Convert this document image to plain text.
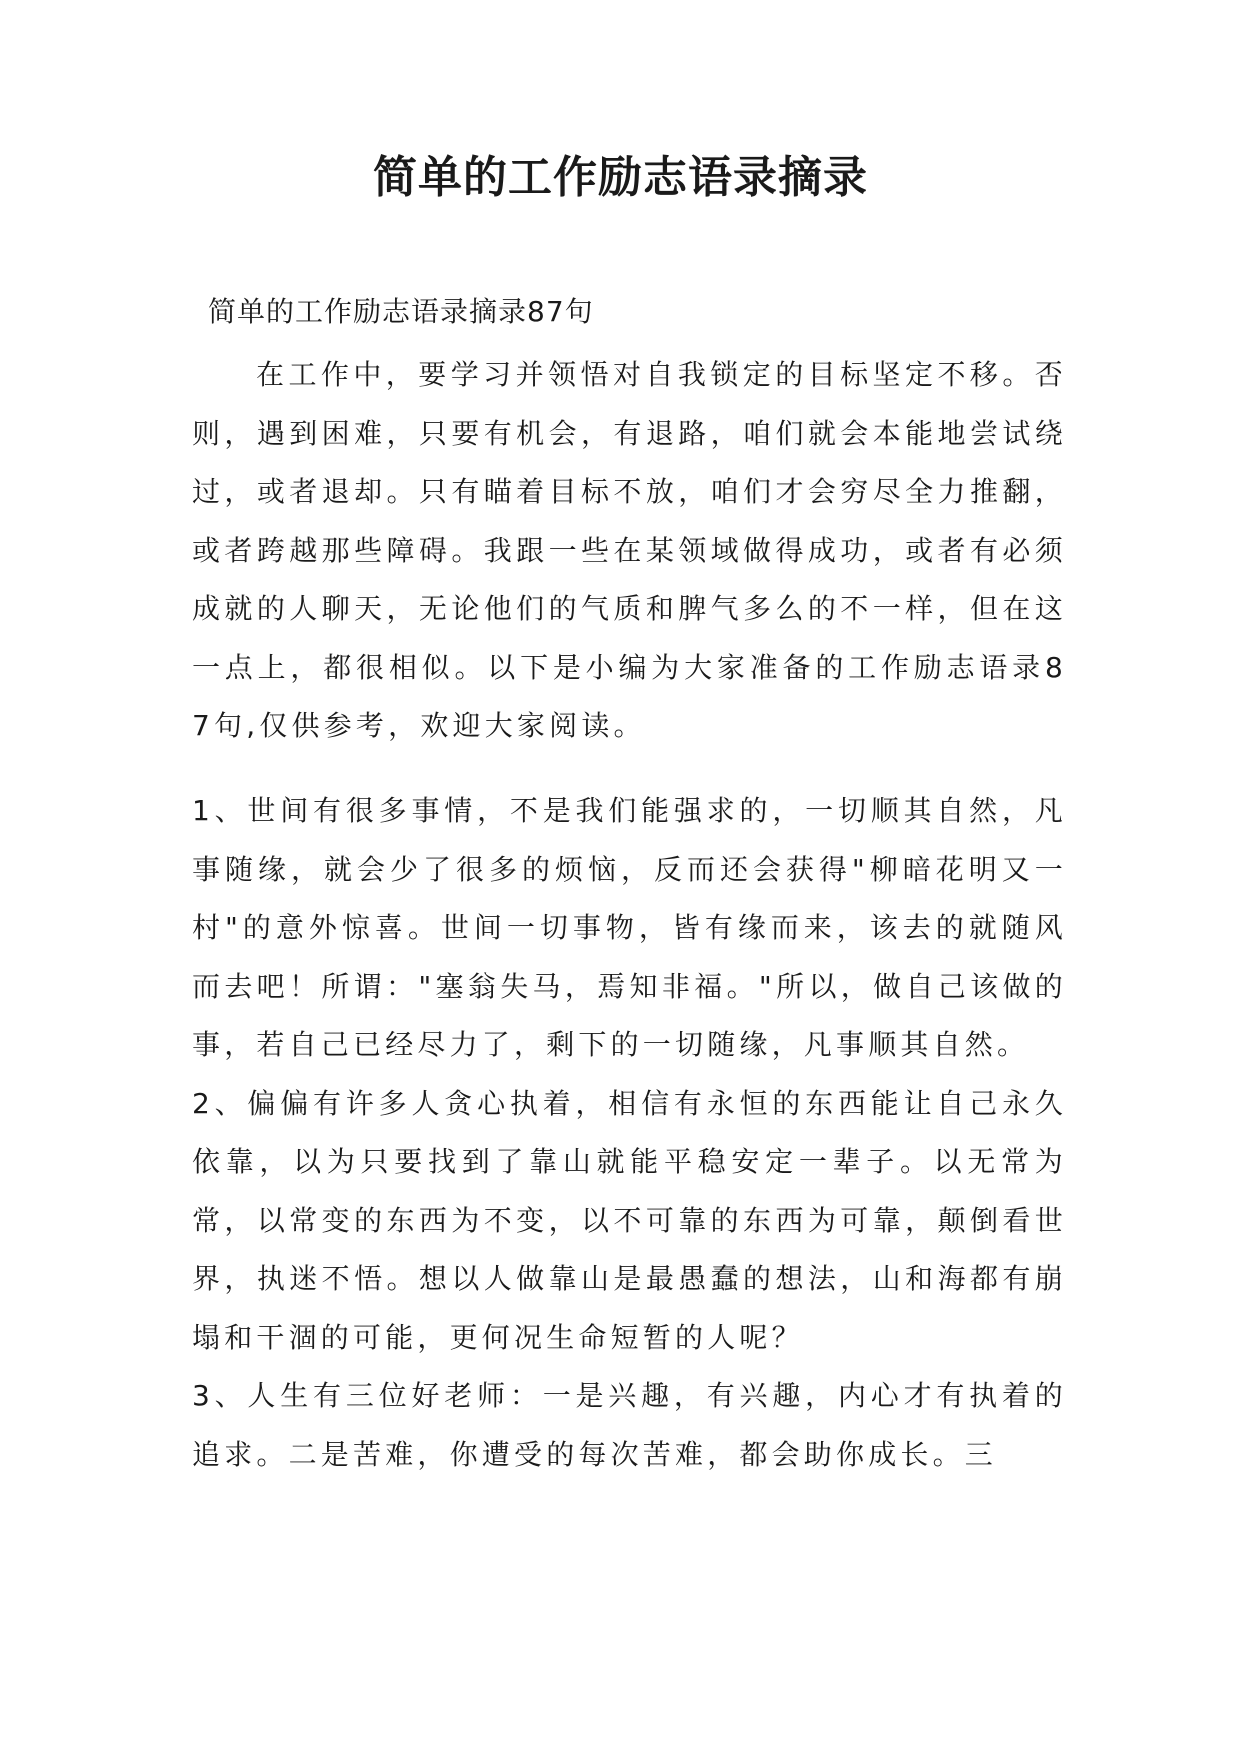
简单的工作励志语录摘录
简单的工作励志语录摘录87句

在工作中，要学习并领悟对自我锁定的目标坚定不移。否则，遇到困难，只要有机会，有退路，咱们就会本能地尝试绕过，或者退却。只有瞄着目标不放，咱们才会穷尽全力推翻，或者跨越那些障碍。我跟一些在某领域做得成功，或者有必须成就的人聊天，无论他们的气质和脾气多么的不一样，但在这一点上，都很相似。以下是小编为大家准备的工作励志语录87句,仅供参考，欢迎大家阅读。

1、世间有很多事情，不是我们能强求的，一切顺其自然，凡事随缘，就会少了很多的烦恼，反而还会获得"柳暗花明又一村"的意外惊喜。世间一切事物，皆有缘而来，该去的就随风而去吧！所谓："塞翁失马，焉知非福。"所以，做自己该做的事，若自己已经尽力了，剩下的一切随缘，凡事顺其自然。

2、偏偏有许多人贪心执着，相信有永恒的东西能让自己永久依靠，以为只要找到了靠山就能平稳安定一辈子。以无常为常，以常变的东西为不变，以不可靠的东西为可靠，颠倒看世界，执迷不悟。想以人做靠山是最愚蠢的想法，山和海都有崩塌和干涸的可能，更何况生命短暂的人呢？

3、人生有三位好老师：一是兴趣，有兴趣，内心才有执着的追求。二是苦难，你遭受的每次苦难，都会助你成长。三
